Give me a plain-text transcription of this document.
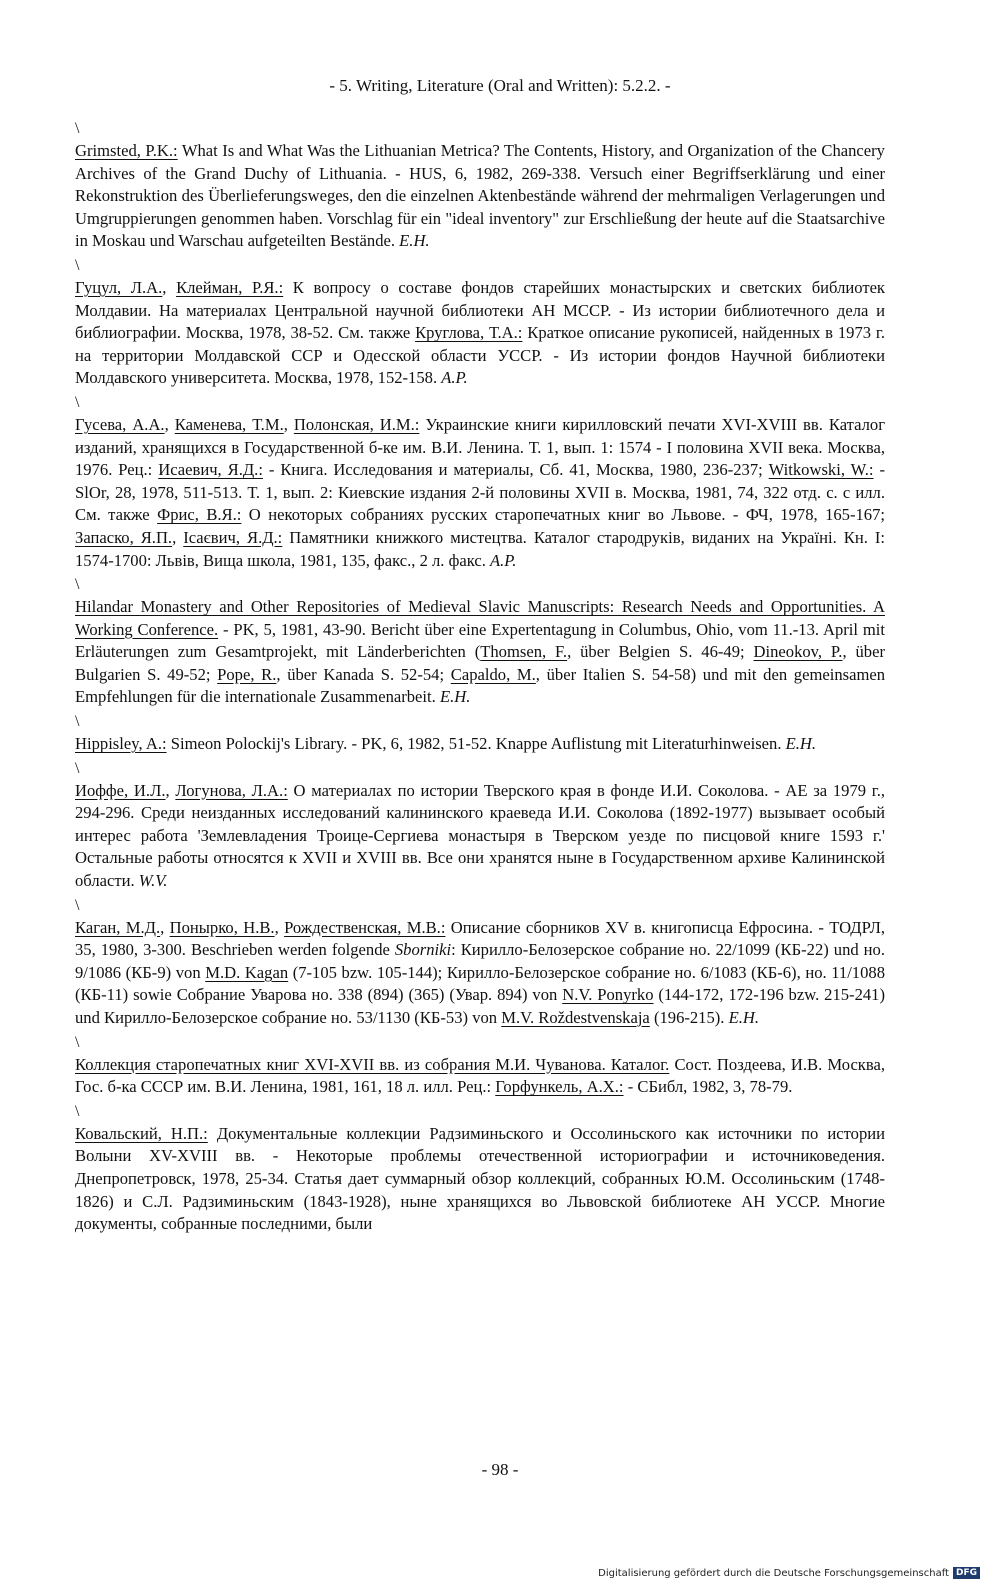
- 5. Writing, Literature (Oral and Written): 5.2.2. -
\
Grimsted, P.K.: What Is and What Was the Lithuanian Metrica? The Contents, History, and Organization of the Chancery Archives of the Grand Duchy of Lithuania. - HUS, 6, 1982, 269-338. Versuch einer Begriffserklärung und einer Rekonstruktion des Überlieferungsweges, den die einzelnen Aktenbestände während der mehrmaligen Verlagerungen und Umgruppierungen genommen haben. Vorschlag für ein "ideal inventory" zur Erschließung der heute auf die Staatsarchive in Moskau und Warschau aufgeteilten Bestände. E.H.
\
Гуцул, Л.А., Клейман, Р.Я.: К вопросу о составе фондов старейших монастырских и светских библиотек Молдавии. На материалах Центральной научной библиотеки АН МССР. - Из истории библиотечного дела и библиографии. Москва, 1978, 38-52. См. также Круглова, Т.А.: Краткое описание рукописей, найденных в 1973 г. на территории Молдавской ССР и Одесской области УССР. - Из истории фондов Научной библиотеки Молдавского университета. Москва, 1978, 152-158. A.P.
\
Гусева, А.А., Каменева, Т.М., Полонская, И.М.: Украинские книги кирилловский печати XVI-XVIII вв. Каталог изданий, хранящихся в Государственной б-ке им. В.И. Ленина. Т. 1, вып. 1: 1574 - I половина XVII века. Москва, 1976. Рец.: Исаевич, Я.Д.: - Книга. Исследования и материалы, Сб. 41, Москва, 1980, 236-237; Witkowski, W.: - SlOr, 28, 1978, 511-513. Т. 1, вып. 2: Киевские издания 2-й половины XVII в. Москва, 1981, 74, 322 отд. с. с илл. См. также Фрис, В.Я.: О некоторых собраниях русских старопечатных книг во Львове. - ФЧ, 1978, 165-167; Запаско, Я.П., Ісаєвич, Я.Д.: Памятники книжкого мистецтва. Каталог стародруків, виданих на Україні. Кн. I: 1574-1700: Львів, Вища школа, 1981, 135, факс., 2 л. факс. A.P.
\
Hilandar Monastery and Other Repositories of Medieval Slavic Manuscripts: Research Needs and Opportunities. A Working Conference. - PK, 5, 1981, 43-90. Bericht über eine Expertentagung in Columbus, Ohio, vom 11.-13. April mit Erläuterungen zum Gesamtprojekt, mit Länderberichten (Thomsen, F., über Belgien S. 46-49; Dineokov, P., über Bulgarien S. 49-52; Pope, R., über Kanada S. 52-54; Capaldo, M., über Italien S. 54-58) und mit den gemeinsamen Empfehlungen für die internationale Zusammenarbeit. E.H.
\
Hippisley, A.: Simeon Polockij's Library. - PK, 6, 1982, 51-52. Knappe Auflistung mit Literaturhinweisen. E.H.
\
Иоффе, И.Л., Логунова, Л.А.: О материалах по истории Тверского края в фонде И.И. Соколова. - АЕ за 1979 г., 294-296. Среди неизданных исследований калининского краеведа И.И. Соколова (1892-1977) вызывает особый интерес работа 'Землевладения Троице-Сергиева монастыря в Тверском уезде по писцовой книге 1593 г.' Остальные работы относятся к XVII и XVIII вв. Все они хранятся ныне в Государственном архиве Калининской области. W.V.
\
Каган, М.Д., Понырко, Н.В., Рождественская, М.В.: Описание сборников XV в. книгописца Ефросина. - ТОДРЛ, 35, 1980, 3-300. Beschrieben werden folgende Sborniki: Кирилло-Белозерское собрание но. 22/1099 (КБ-22) und но. 9/1086 (КБ-9) von M.D. Kagan (7-105 bzw. 105-144); Кирилло-Белозерское собрание но. 6/1083 (КБ-6), но. 11/1088 (КБ-11) sowie Собрание Уварова но. 338 (894) (365) (Увар. 894) von N.V. Ponyrko (144-172, 172-196 bzw. 215-241) und Кирилло-Белозерское собрание но. 53/1130 (КБ-53) von M.V. Roždestvenskaja (196-215). E.H.
\
Коллекция старопечатных книг XVI-XVII вв. из собрания М.И. Чуванова. Каталог. Сост. Поздеева, И.В. Москва, Гос. б-ка СССР им. В.И. Ленина, 1981, 161, 18 л. илл. Рец.: Горфункель, А.Х.: - СБибл, 1982, 3, 78-79.
\
Ковальский, Н.П.: Документальные коллекции Радзиминьского и Оссолиньского как источники по истории Волыни XV-XVIII вв. - Некоторые проблемы отечественной историографии и источниковедения. Днепропетровск, 1978, 25-34. Статья дает суммарный обзор коллекций, собранных Ю.М. Оссолиньским (1748-1826) и С.Л. Радзиминьским (1843-1928), ныне хранящихся во Львовской библиотеке АН УССР. Многие документы, собранные последними, были
- 98 -
Digitalisierung gefördert durch die Deutsche Forschungsgemeinschaft DFG
